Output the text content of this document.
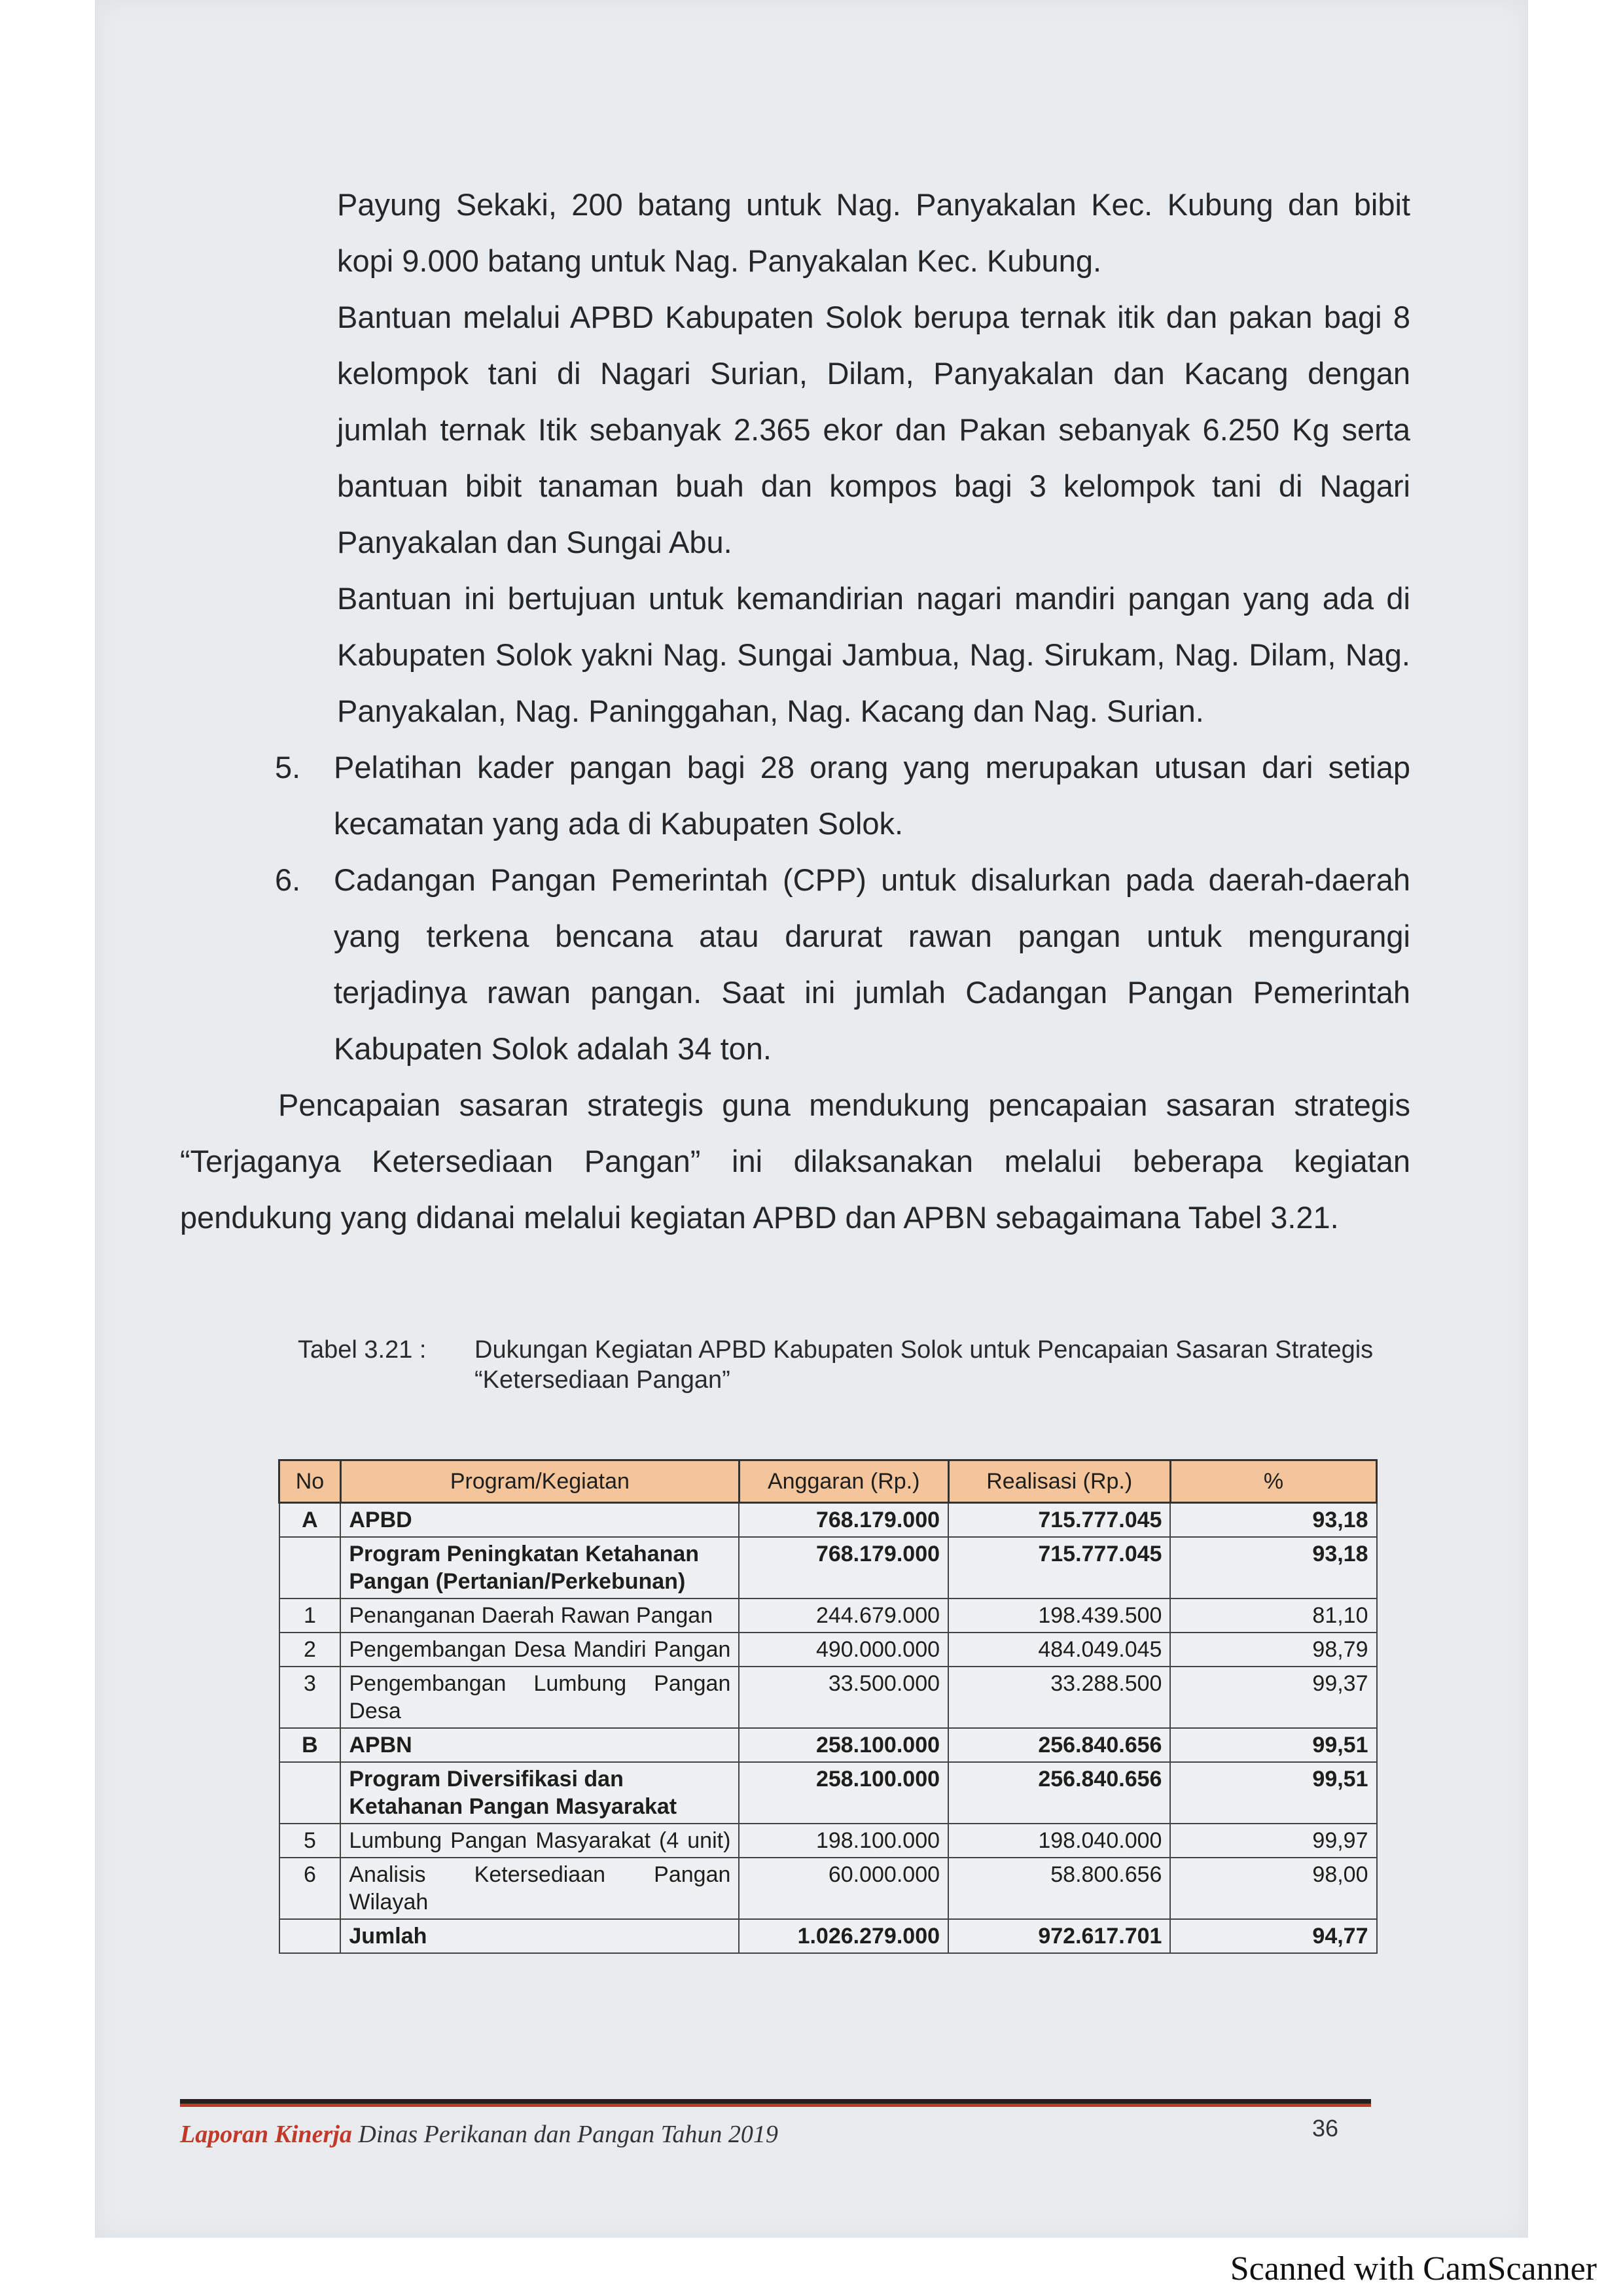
Payung Sekaki, 200 batang untuk Nag. Panyakalan Kec. Kubung dan bibit kopi 9.000 batang untuk Nag. Panyakalan Kec. Kubung.
Bantuan melalui APBD Kabupaten Solok berupa ternak itik dan pakan bagi 8 kelompok tani di Nagari Surian, Dilam, Panyakalan dan Kacang dengan jumlah ternak Itik sebanyak 2.365 ekor dan Pakan sebanyak 6.250 Kg serta bantuan bibit tanaman buah dan kompos bagi 3 kelompok tani di Nagari Panyakalan dan Sungai Abu.
Bantuan ini bertujuan untuk kemandirian nagari mandiri pangan yang ada di Kabupaten Solok yakni Nag. Sungai Jambua, Nag. Sirukam, Nag. Dilam, Nag. Panyakalan, Nag. Paninggahan, Nag. Kacang dan Nag. Surian.
5.	Pelatihan kader pangan bagi 28 orang yang merupakan utusan dari setiap kecamatan yang ada di Kabupaten Solok.
6.	Cadangan Pangan Pemerintah (CPP) untuk disalurkan pada daerah-daerah yang terkena bencana atau darurat rawan pangan untuk mengurangi terjadinya rawan pangan. Saat ini jumlah Cadangan Pangan Pemerintah Kabupaten Solok adalah 34 ton.
Pencapaian sasaran strategis guna mendukung pencapaian sasaran strategis “Terjaganya Ketersediaan Pangan” ini dilaksanakan melalui beberapa kegiatan pendukung yang didanai melalui kegiatan APBD dan APBN sebagaimana Tabel 3.21.
Tabel 3.21 :	Dukungan Kegiatan APBD Kabupaten Solok untuk Pencapaian Sasaran Strategis “Ketersediaan Pangan”
No	Program/Kegiatan	Anggaran (Rp.)	Realisasi (Rp.)	%
A	APBD	768.179.000	715.777.045	93,18
	Program Peningkatan Ketahanan Pangan (Pertanian/Perkebunan)	768.179.000	715.777.045	93,18
1	Penanganan Daerah Rawan Pangan	244.679.000	198.439.500	81,10
2	Pengembangan Desa Mandiri Pangan	490.000.000	484.049.045	98,79
3	Pengembangan Lumbung Pangan Desa	33.500.000	33.288.500	99,37
B	APBN	258.100.000	256.840.656	99,51
	Program Diversifikasi dan Ketahanan Pangan Masyarakat	258.100.000	256.840.656	99,51
5	Lumbung Pangan Masyarakat (4 unit)	198.100.000	198.040.000	99,97
6	Analisis Ketersediaan Pangan Wilayah	60.000.000	58.800.656	98,00
	Jumlah	1.026.279.000	972.617.701	94,77
Laporan Kinerja Dinas Perikanan dan Pangan Tahun 2019	36
Scanned with CamScanner
